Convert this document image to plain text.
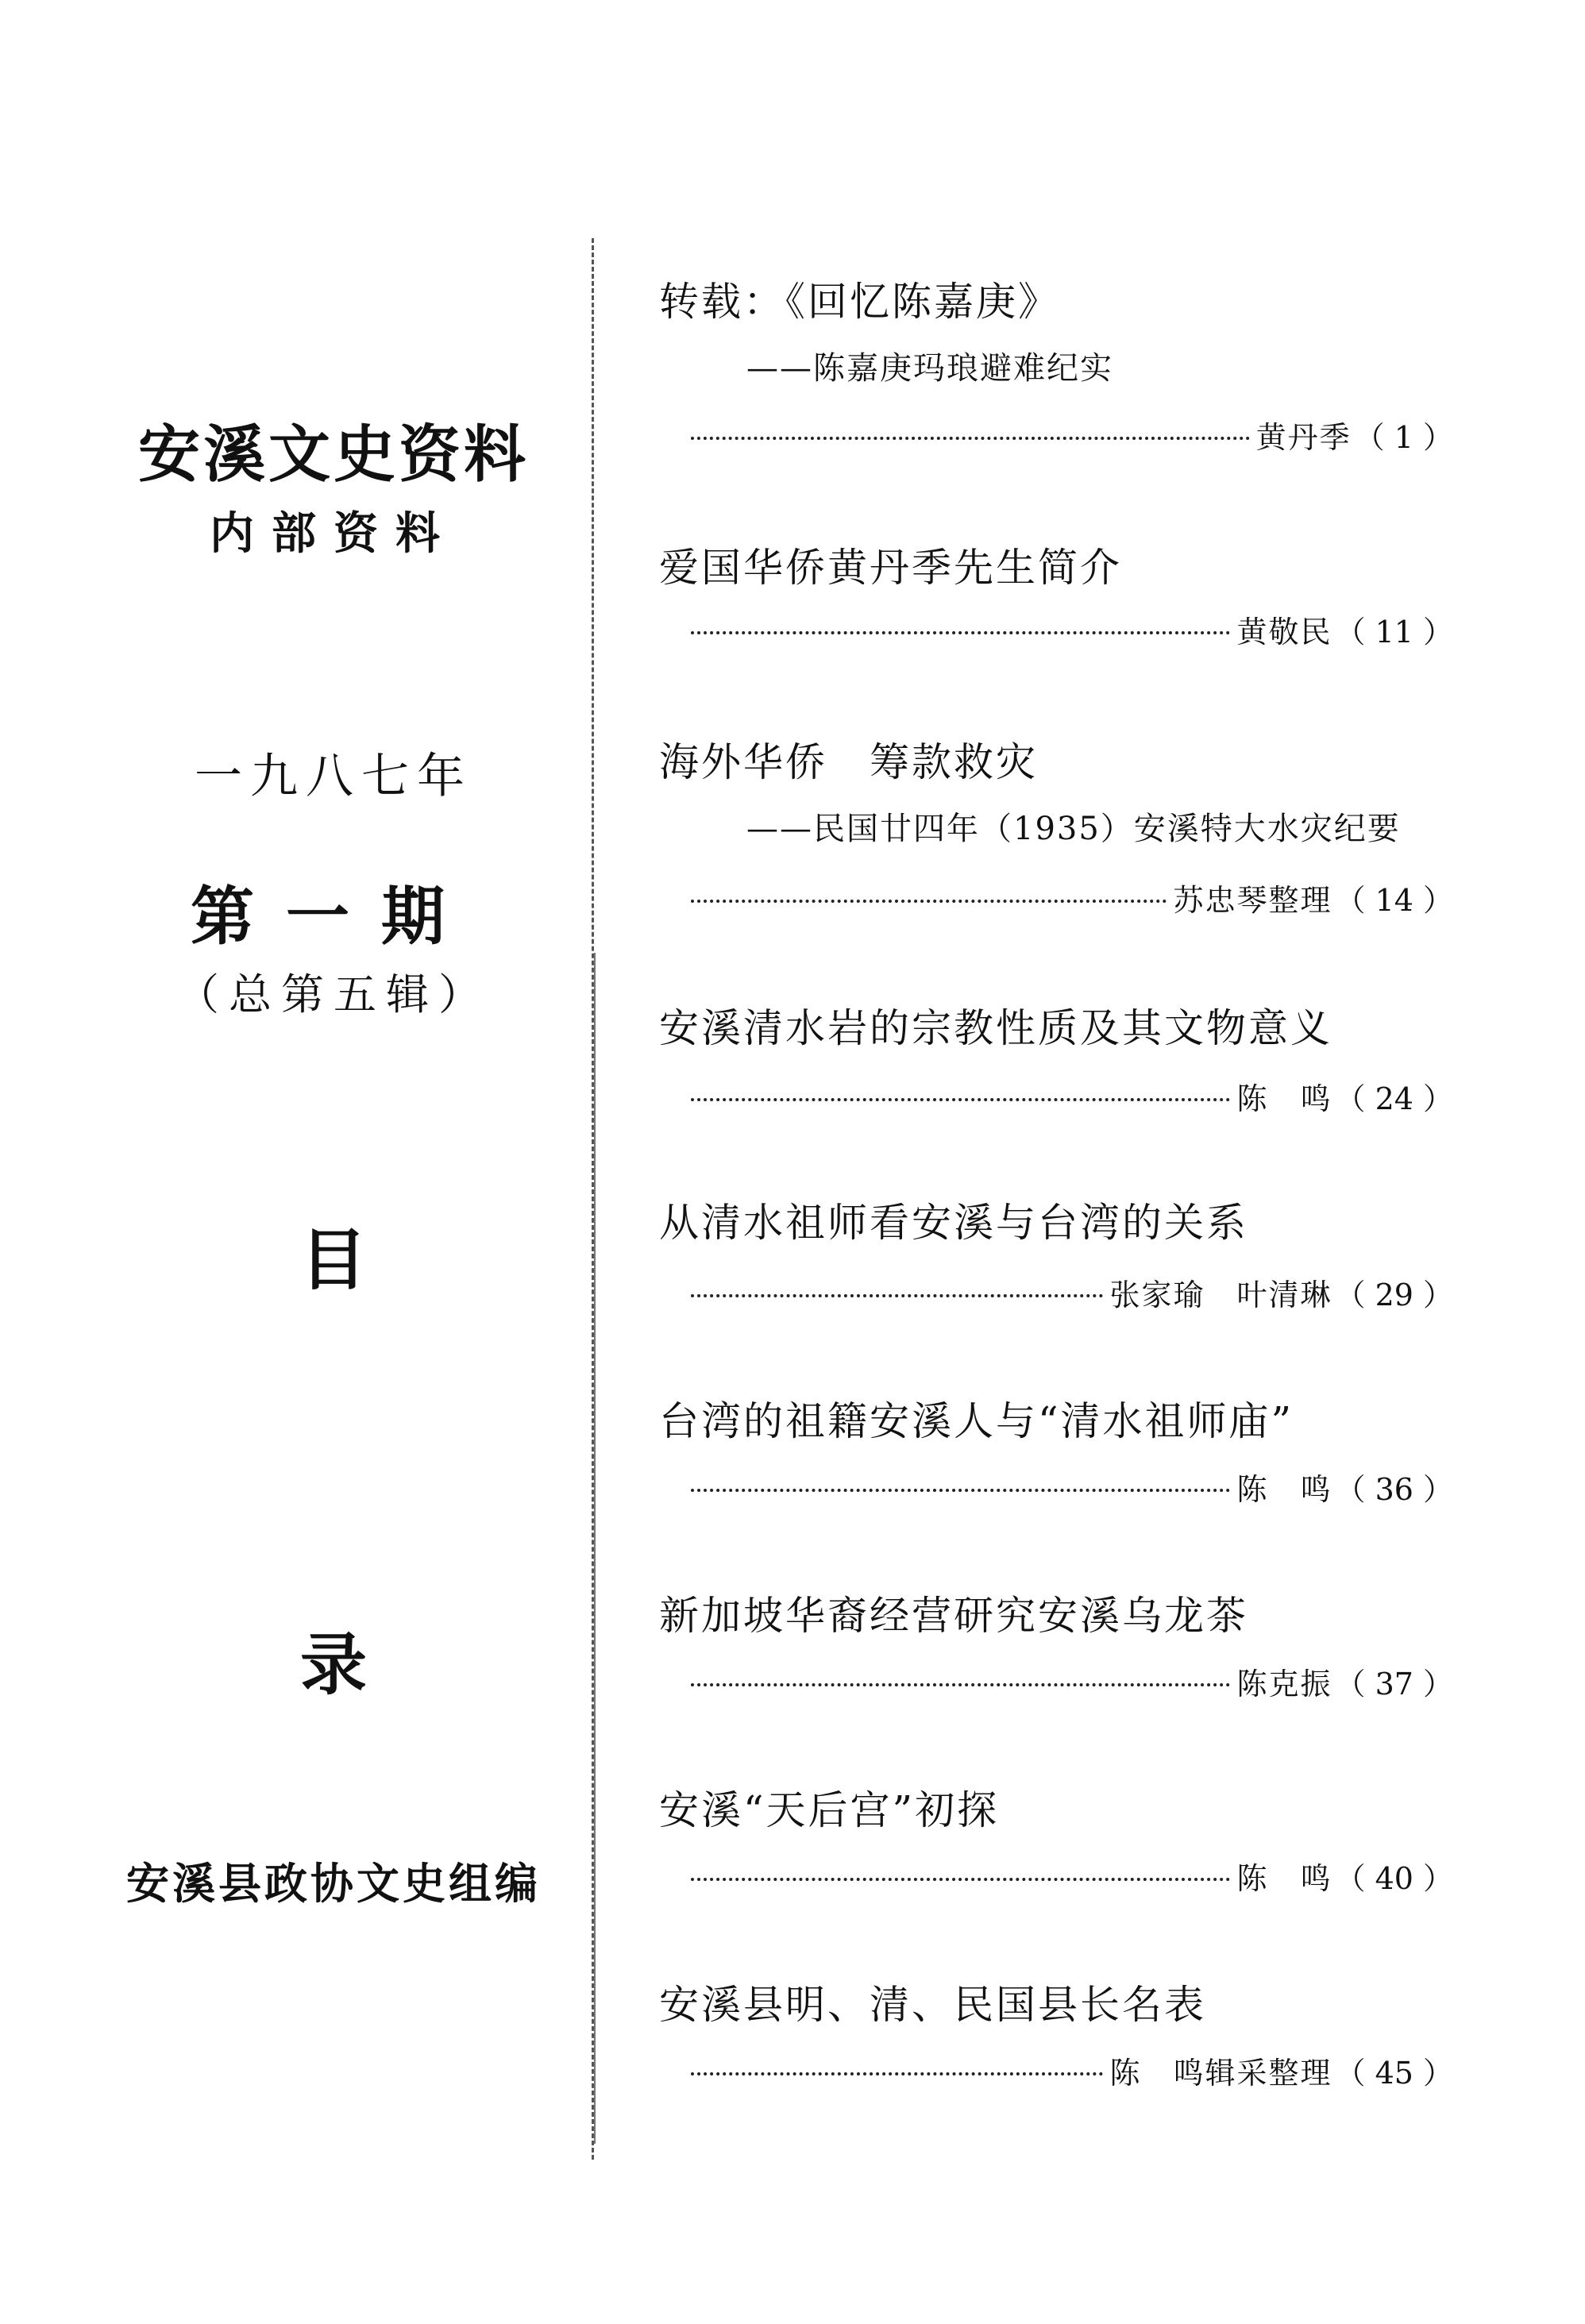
安溪文史资料
内部资料
一九八七年
第一期
（总第五辑）
目
录
安溪县政协文史组编
转载：《回忆陈嘉庚》
——陈嘉庚玛琅避难纪实
黄丹季 （ 1 ）
爱国华侨黄丹季先生简介
黄敬民 （ 11 ）
海外华侨　筹款救灾
——民国廿四年（1935）安溪特大水灾纪要
苏忠琴整理 （ 14 ）
安溪清水岩的宗教性质及其文物意义
陈　鸣 （ 24 ）
从清水祖师看安溪与台湾的关系
张家瑜　叶清琳 （ 29 ）
台湾的祖籍安溪人与“清水祖师庙”
陈　鸣 （ 36 ）
新加坡华裔经营研究安溪乌龙茶
陈克振 （ 37 ）
安溪“天后宫”初探
陈　鸣 （ 40 ）
安溪县明、清、民国县长名表
陈　鸣辑采整理 （ 45 ）
